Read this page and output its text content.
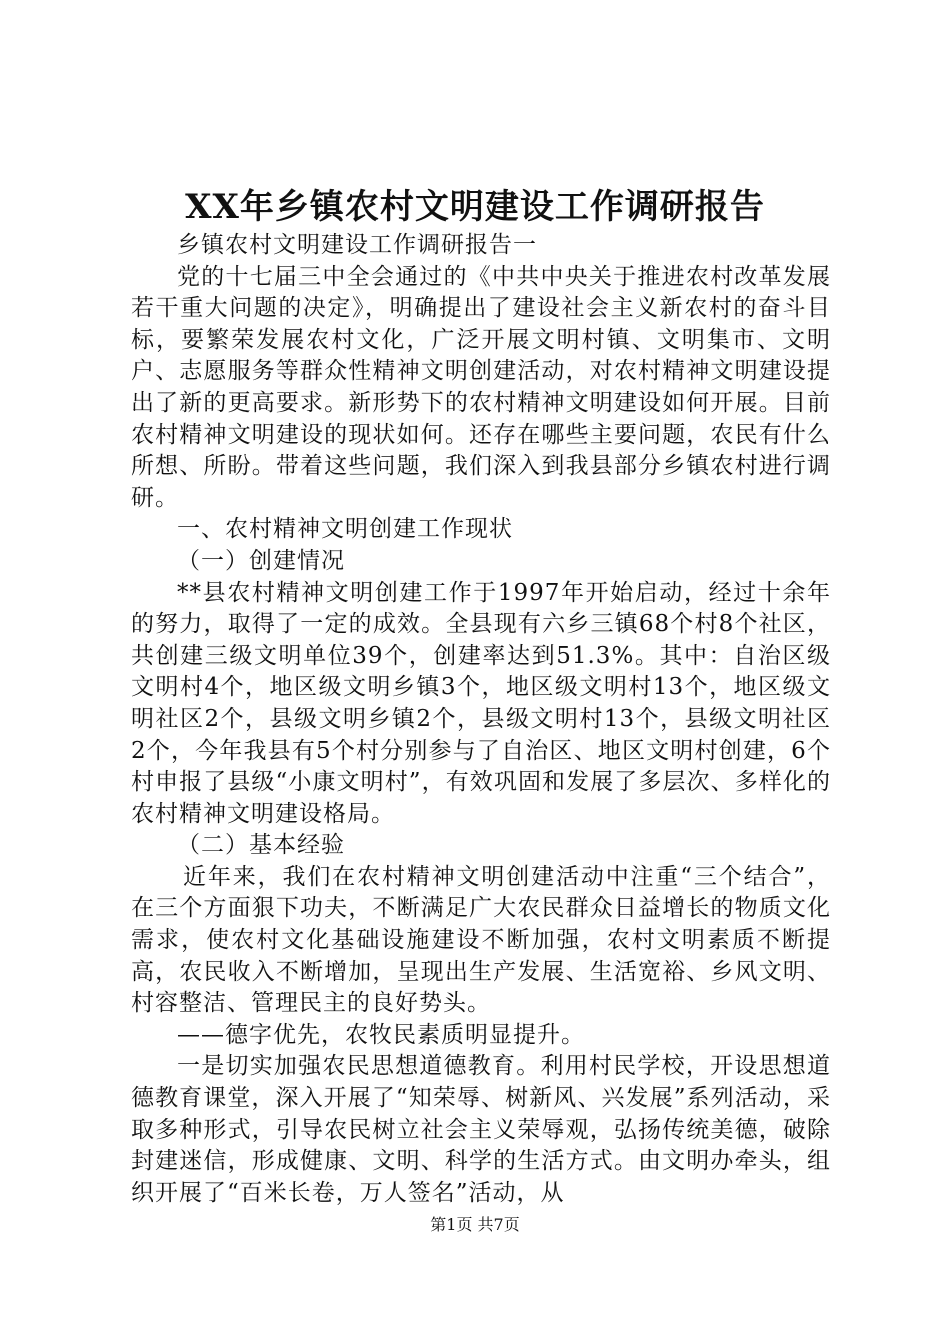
XX年乡镇农村文明建设工作调研报告

乡镇农村文明建设工作调研报告一

党的十七届三中全会通过的《中共中央关于推进农村改革发展若干重大问题的决定》，明确提出了建设社会主义新农村的奋斗目标，要繁荣发展农村文化，广泛开展文明村镇、文明集市、文明户、志愿服务等群众性精神文明创建活动，对农村精神文明建设提出了新的更高要求。新形势下的农村精神文明建设如何开展。目前农村精神文明建设的现状如何。还存在哪些主要问题，农民有什么所想、所盼。带着这些问题，我们深入到我县部分乡镇农村进行调研。

一、农村精神文明创建工作现状

（一）创建情况

**县农村精神文明创建工作于1997年开始启动，经过十余年的努力，取得了一定的成效。全县现有六乡三镇68个村8个社区，共创建三级文明单位39个，创建率达到51.3%。其中：自治区级文明村4个，地区级文明乡镇3个，地区级文明村13个，地区级文明社区2个，县级文明乡镇2个，县级文明村13个，县级文明社区2个，今年我县有5个村分别参与了自治区、地区文明村创建，6个村申报了县级“小康文明村”，有效巩固和发展了多层次、多样化的农村精神文明建设格局。

（二）基本经验

近年来，我们在农村精神文明创建活动中注重“三个结合”，在三个方面狠下功夫，不断满足广大农民群众日益增长的物质文化需求，使农村文化基础设施建设不断加强，农村文明素质不断提高，农民收入不断增加，呈现出生产发展、生活宽裕、乡风文明、村容整洁、管理民主的良好势头。

——德字优先，农牧民素质明显提升。

一是切实加强农民思想道德教育。利用村民学校，开设思想道德教育课堂，深入开展了“知荣辱、树新风、兴发展”系列活动，采取多种形式，引导农民树立社会主义荣辱观，弘扬传统美德，破除封建迷信，形成健康、文明、科学的生活方式。由文明办牵头，组织开展了“百米长卷，万人签名”活动，从

第1页 共7页
